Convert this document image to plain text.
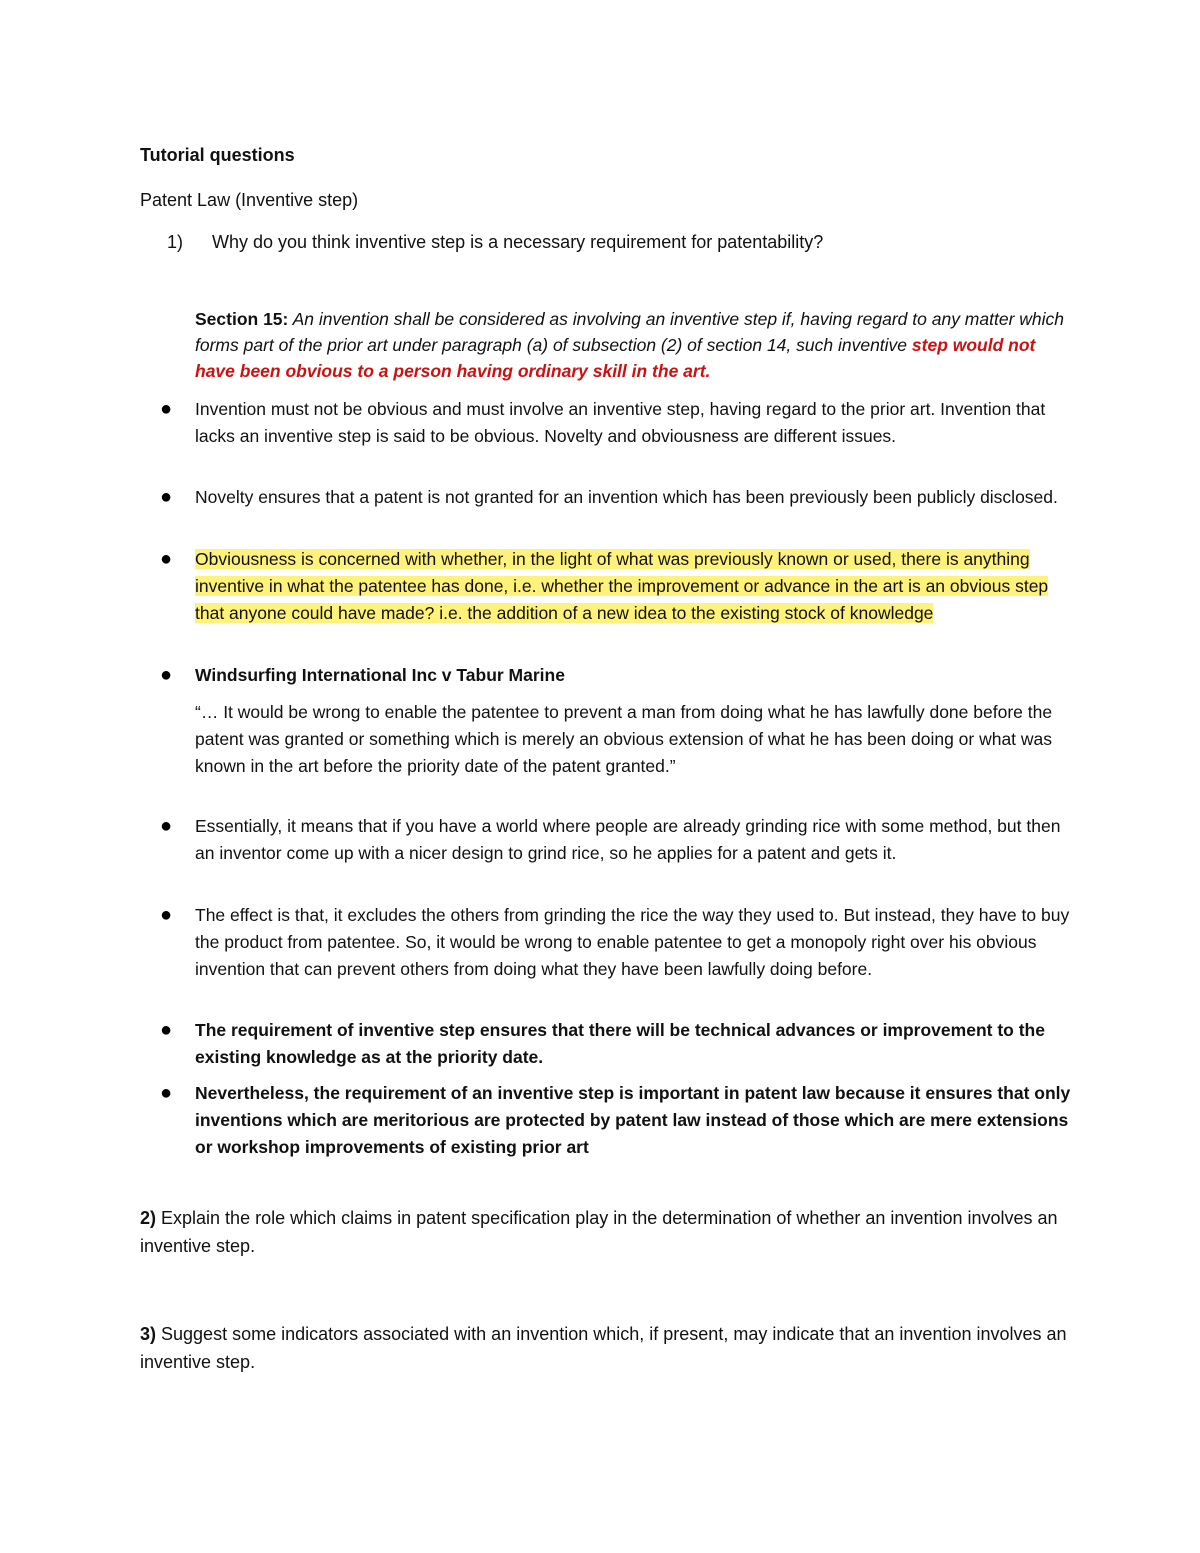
Tutorial questions

Patent Law (Inventive step)

1) Why do you think inventive step is a necessary requirement for patentability?

Section 15: An invention shall be considered as involving an inventive step if, having regard to any matter which forms part of the prior art under paragraph (a) of subsection (2) of section 14, such inventive step would not have been obvious to a person having ordinary skill in the art.

●	Invention must not be obvious and must involve an inventive step, having regard to the prior art. Invention that lacks an inventive step is said to be obvious. Novelty and obviousness are different issues.

●	Novelty ensures that a patent is not granted for an invention which has been previously been publicly disclosed.

●	Obviousness is concerned with whether, in the light of what was previously known or used, there is anything inventive in what the patentee has done, i.e. whether the improvement or advance in the art is an obvious step that anyone could have made? i.e. the addition of a new idea to the existing stock of knowledge

●	Windsurfing International Inc v Tabur Marine

“… It would be wrong to enable the patentee to prevent a man from doing what he has lawfully done before the patent was granted or something which is merely an obvious extension of what he has been doing or what was known in the art before the priority date of the patent granted.”

●	Essentially, it means that if you have a world where people are already grinding rice with some method, but then an inventor come up with a nicer design to grind rice, so he applies for a patent and gets it.

●	The effect is that, it excludes the others from grinding the rice the way they used to. But instead, they have to buy the product from patentee. So, it would be wrong to enable patentee to get a monopoly right over his obvious invention that can prevent others from doing what they have been lawfully doing before.

●	The requirement of inventive step ensures that there will be technical advances or improvement to the existing knowledge as at the priority date.

●	Nevertheless, the requirement of an inventive step is important in patent law because it ensures that only inventions which are meritorious are protected by patent law instead of those which are mere extensions or workshop improvements of existing prior art

2) Explain the role which claims in patent specification play in the determination of whether an invention involves an inventive step.

3) Suggest some indicators associated with an invention which, if present, may indicate that an invention involves an inventive step.
